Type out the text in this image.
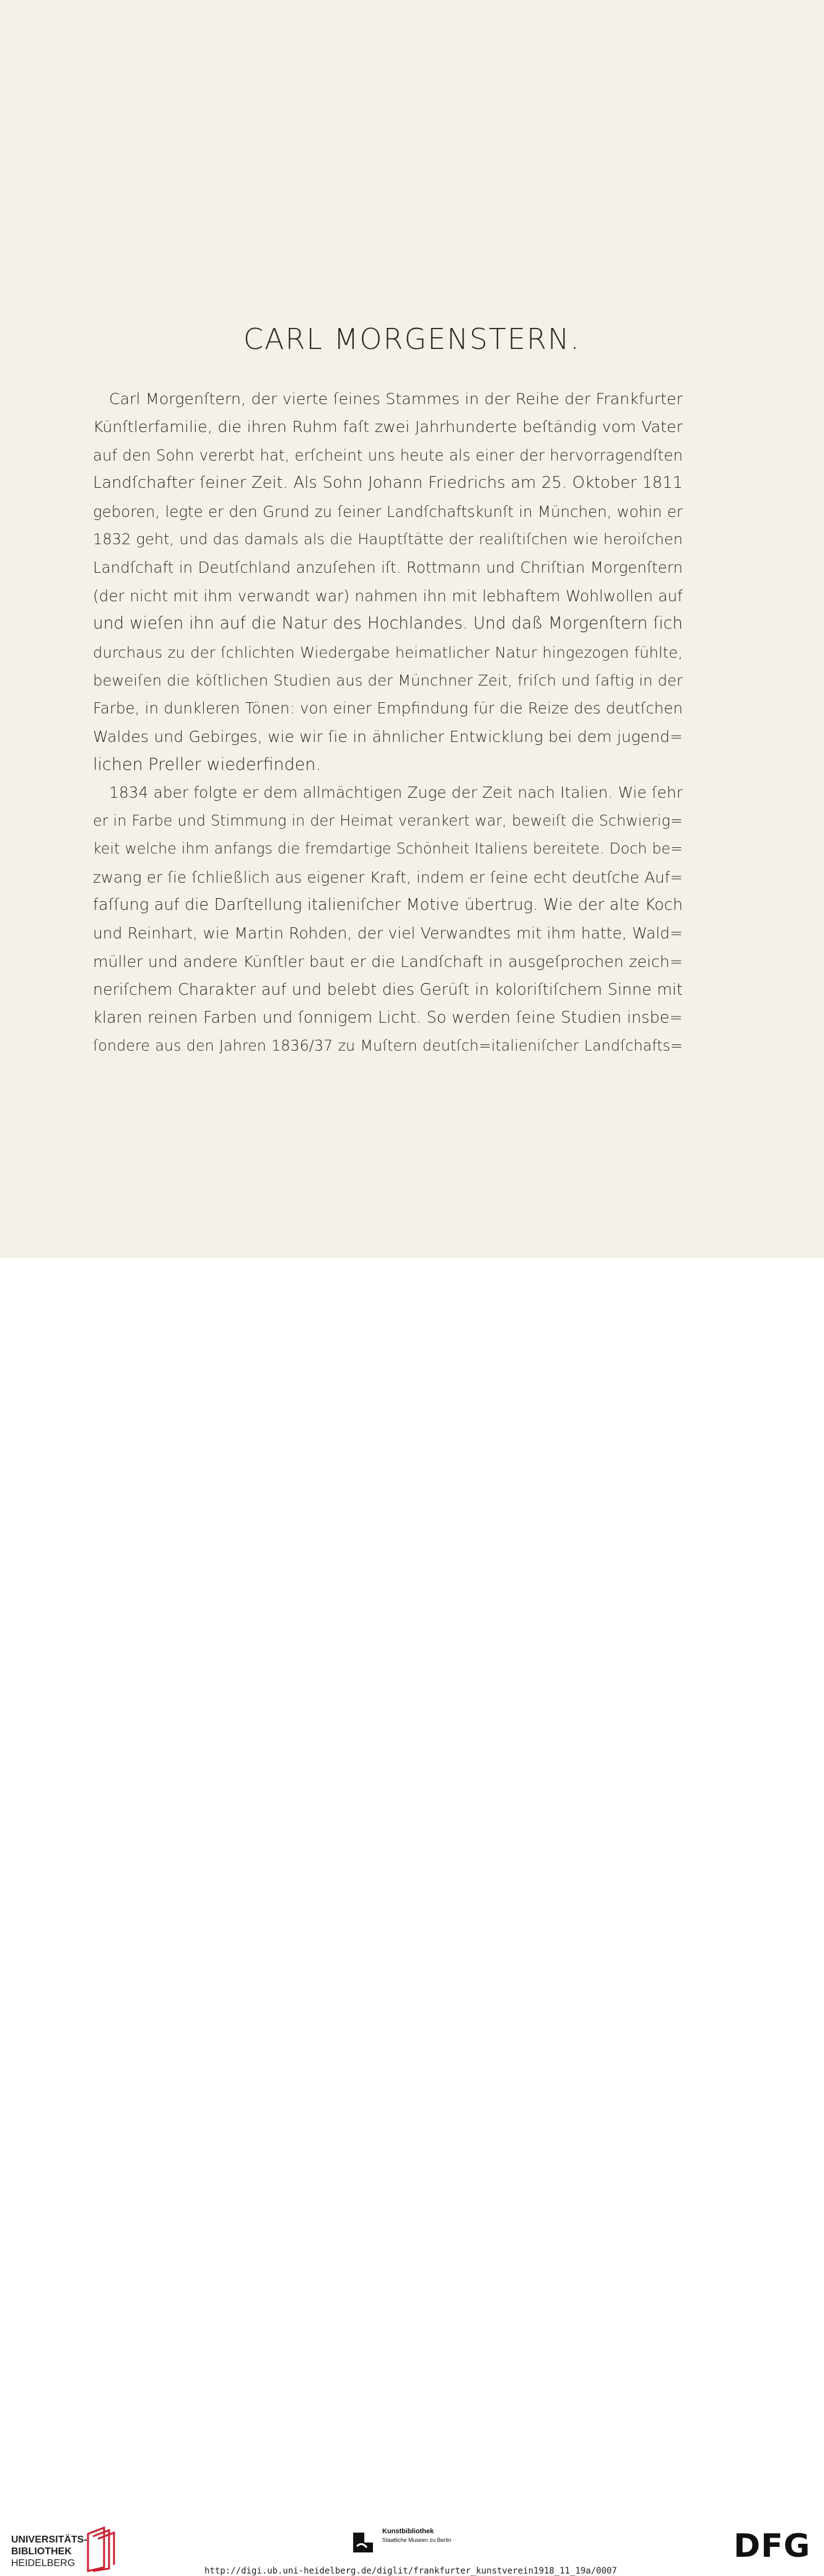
CARL MORGENSTERN.
Carl Morgenſtern, der vierte ſeines Stammes in der Reihe der Frankfurter
Künſtlerfamilie, die ihren Ruhm faſt zwei Jahrhunderte beſtändig vom Vater
auf den Sohn vererbt hat, erſcheint uns heute als einer der hervorragendſten
Landſchafter ſeiner Zeit. Als Sohn Johann Friedrichs am 25. Oktober 1811
geboren, legte er den Grund zu ſeiner Landſchaftskunſt in München, wohin er
1832 geht, und das damals als die Hauptſtätte der realiſtiſchen wie heroiſchen
Landſchaft in Deutſchland anzuſehen iſt. Rottmann und Chriſtian Morgenſtern
(der nicht mit ihm verwandt war) nahmen ihn mit lebhaftem Wohlwollen auf
und wieſen ihn auf die Natur des Hochlandes. Und daß Morgenſtern ſich
durchaus zu der ſchlichten Wiedergabe heimatlicher Natur hingezogen fühlte,
beweiſen die köſtlichen Studien aus der Münchner Zeit, friſch und ſaftig in der
Farbe, in dunkleren Tönen: von einer Empfindung für die Reize des deutſchen
Waldes und Gebirges, wie wir ſie in ähnlicher Entwicklung bei dem jugend=
lichen Preller wiederfinden.
1834 aber folgte er dem allmächtigen Zuge der Zeit nach Italien. Wie ſehr
er in Farbe und Stimmung in der Heimat verankert war, beweiſt die Schwierig=
keit welche ihm anfangs die fremdartige Schönheit Italiens bereitete. Doch be=
zwang er ſie ſchließlich aus eigener Kraft, indem er ſeine echt deutſche Auf=
faſſung auf die Darſtellung italieniſcher Motive übertrug. Wie der alte Koch
und Reinhart, wie Martin Rohden, der viel Verwandtes mit ihm hatte, Wald=
müller und andere Künſtler baut er die Landſchaft in ausgeſprochen zeich=
neriſchem Charakter auf und belebt dies Gerüſt in koloriſtiſchem Sinne mit
klaren reinen Farben und ſonnigem Licht. So werden ſeine Studien insbe=
ſondere aus den Jahren 1836/37 zu Muſtern deutſch=italieniſcher Landſchafts=
UNIVERSITÄTS-
BIBLIOTHEK
HEIDELBERG
Kunstbibliothek
Staatliche Museen zu Berlin	DFG
http://digi.ub.uni-heidelberg.de/diglit/frankfurter_kunstverein1918_11_19a/0007
